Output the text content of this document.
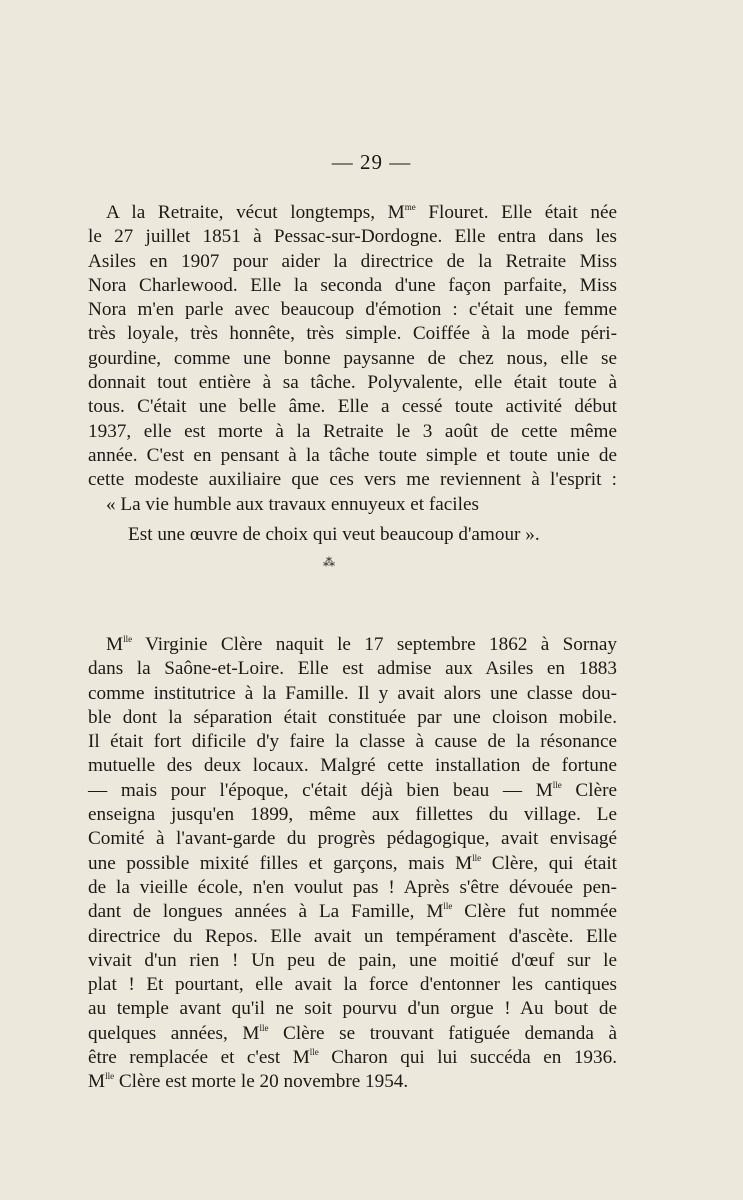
— 29 —
A la Retraite, vécut longtemps, $M^{me}$ Flouret. Elle était née
le 27 juillet 1851 à Pessac-sur-Dordogne. Elle entra dans les
Asiles en 1907 pour aider la directrice de la Retraite Miss
Nora Charlewood. Elle la seconda d'une façon parfaite, Miss
Nora m'en parle avec beaucoup d'émotion : c'était une femme
très loyale, très honnête, très simple. Coiffée à la mode péri-
gourdine, comme une bonne paysanne de chez nous, elle se
donnait tout entière à sa tâche. Polyvalente, elle était toute à
tous. C'était une belle âme. Elle a cessé toute activité début
1937, elle est morte à la Retraite le 3 août de cette même
année. C'est en pensant à la tâche toute simple et toute unie de
cette modeste auxiliaire que ces vers me reviennent à l'esprit :
« La vie humble aux travaux ennuyeux et faciles
Est une œuvre de choix qui veut beaucoup d'amour ».
⁂
$M^{lle}$ Virginie Clère naquit le 17 septembre 1862 à Sornay
dans la Saône-et-Loire. Elle est admise aux Asiles en 1883
comme institutrice à la Famille. Il y avait alors une classe dou-
ble dont la séparation était constituée par une cloison mobile.
Il était fort dificile d'y faire la classe à cause de la résonance
mutuelle des deux locaux. Malgré cette installation de fortune
— mais pour l'époque, c'était déjà bien beau — $M^{lle}$ Clère
enseigna jusqu'en 1899, même aux fillettes du village. Le
Comité à l'avant-garde du progrès pédagogique, avait envisagé
une possible mixité filles et garçons, mais $M^{lle}$ Clère, qui était
de la vieille école, n'en voulut pas ! Après s'être dévouée pen-
dant de longues années à La Famille, $M^{lle}$ Clère fut nommée
directrice du Repos. Elle avait un tempérament d'ascète. Elle
vivait d'un rien ! Un peu de pain, une moitié d'œuf sur le
plat ! Et pourtant, elle avait la force d'entonner les cantiques
au temple avant qu'il ne soit pourvu d'un orgue ! Au bout de
quelques années, $M^{lle}$ Clère se trouvant fatiguée demanda à
être remplacée et c'est $M^{lle}$ Charon qui lui succéda en 1936.
$M^{lle}$ Clère est morte le 20 novembre 1954.
